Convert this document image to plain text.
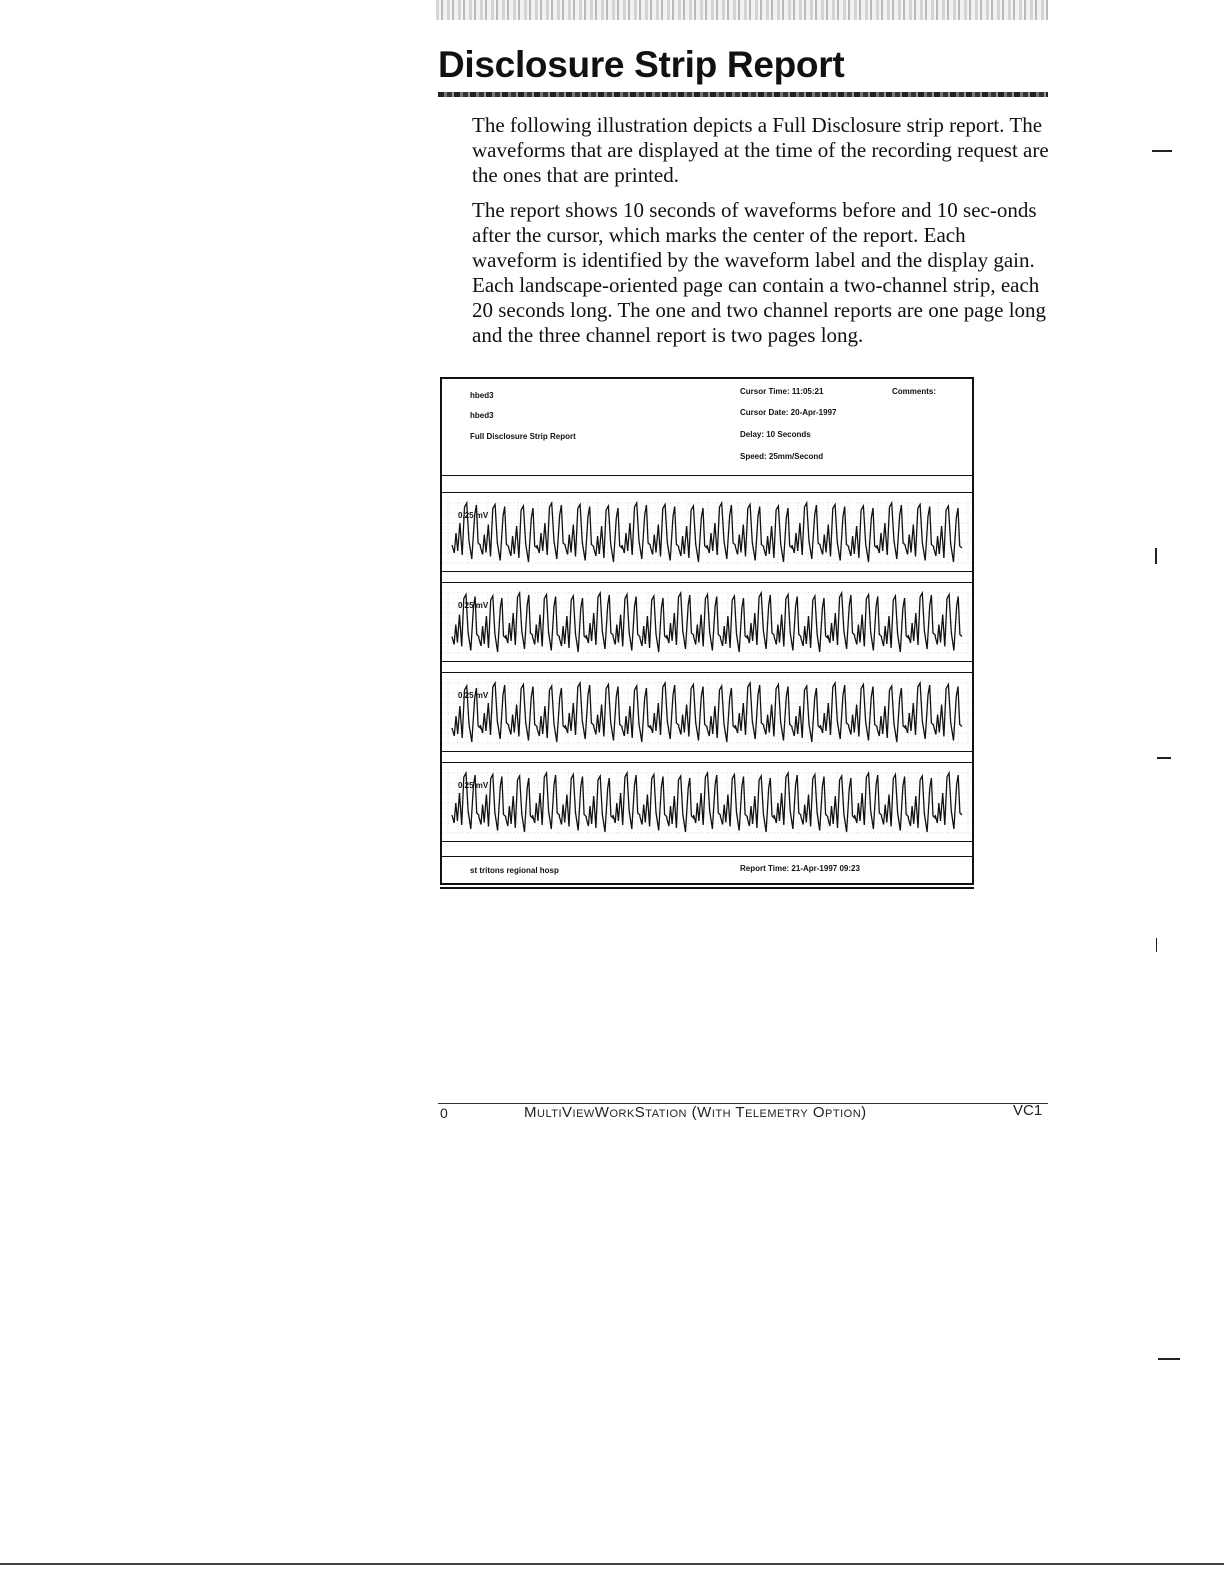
Disclosure Strip Report

The following illustration depicts a Full Disclosure strip report. The waveforms that are displayed at the time of the recording request are the ones that are printed.

The report shows 10 seconds of waveforms before and 10 sec-onds after the cursor, which marks the center of the report. Each waveform is identified by the waveform label and the display gain. Each landscape-oriented page can contain a two-channel strip, each 20 seconds long. The one and two channel reports are one page long and the three channel report is two pages long.

hbed3
hbed3
Full Disclosure Strip Report
Cursor Time: 11:05:21
Cursor Date: 20-Apr-1997
Delay: 10 Seconds
Speed: 25mm/Second
Comments:
0.25 mV
0.25 mV
0.25 mV
0.25 mV
st tritons regional hosp	Report Time: 21-Apr-1997 09:23
0	MultiViewWorkStation (With Telemetry Option)	VC1
